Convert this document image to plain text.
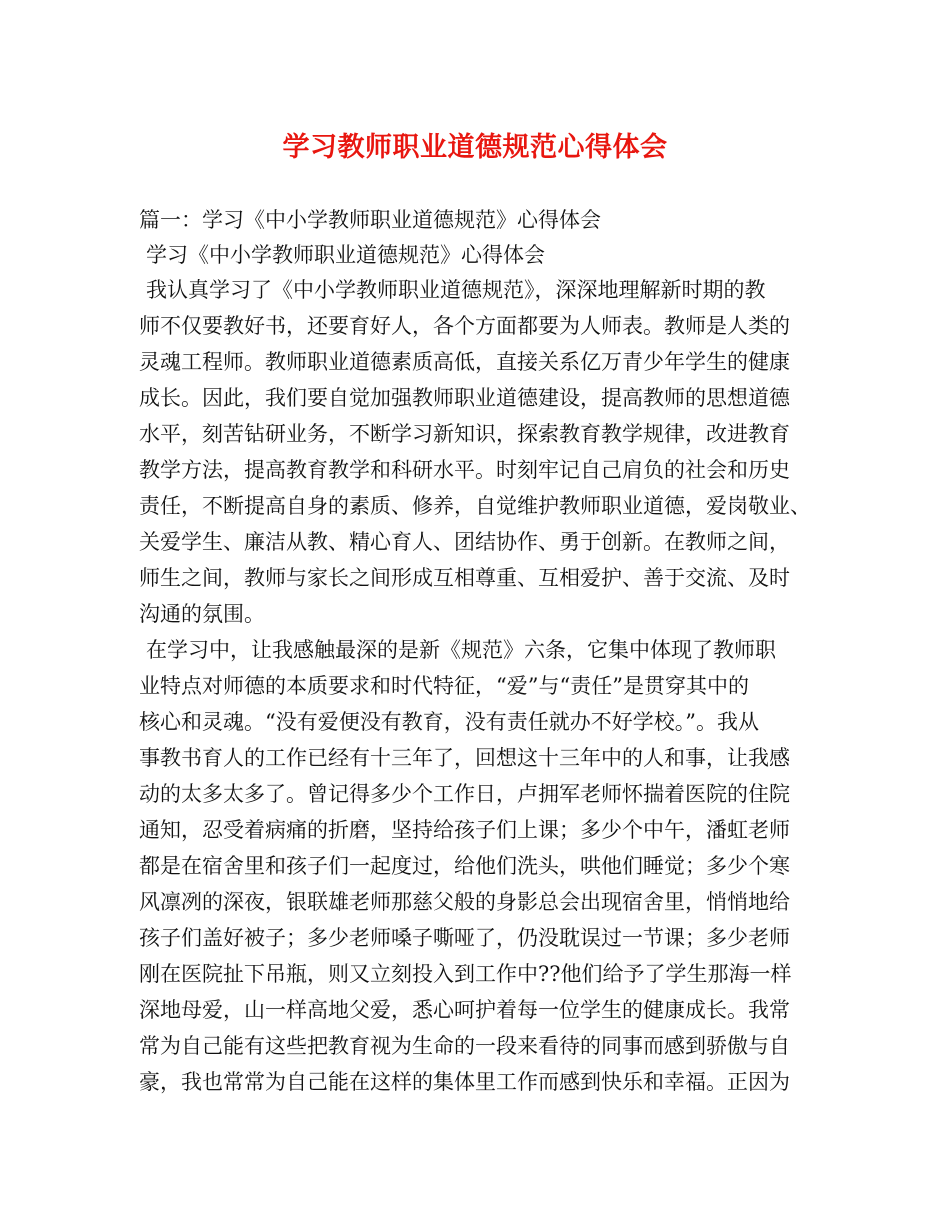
学习教师职业道德规范心得体会
篇一：学习《中小学教师职业道德规范》心得体会
学习《中小学教师职业道德规范》心得体会
我认真学习了《中小学教师职业道德规范》，深深地理解新时期的教
师不仅要教好书，还要育好人，各个方面都要为人师表。教师是人类的
灵魂工程师。教师职业道德素质高低，直接关系亿万青少年学生的健康
成长。因此，我们要自觉加强教师职业道德建设，提高教师的思想道德
水平，刻苦钻研业务，不断学习新知识，探索教育教学规律，改进教育
教学方法，提高教育教学和科研水平。时刻牢记自己肩负的社会和历史
责任，不断提高自身的素质、修养，自觉维护教师职业道德，爱岗敬业、
关爱学生、廉洁从教、精心育人、团结协作、勇于创新。在教师之间，
师生之间，教师与家长之间形成互相尊重、互相爱护、善于交流、及时
沟通的氛围。
在学习中，让我感触最深的是新《规范》六条，它集中体现了教师职
业特点对师德的本质要求和时代特征，“爱”与“责任”是贯穿其中的
核心和灵魂。“没有爱便没有教育，没有责任就办不好学校。”。我从
事教书育人的工作已经有十三年了，回想这十三年中的人和事，让我感
动的太多太多了。曾记得多少个工作日，卢拥军老师怀揣着医院的住院
通知，忍受着病痛的折磨，坚持给孩子们上课；多少个中午，潘虹老师
都是在宿舍里和孩子们一起度过，给他们洗头，哄他们睡觉；多少个寒
风凛冽的深夜，银联雄老师那慈父般的身影总会出现宿舍里，悄悄地给
孩子们盖好被子；多少老师嗓子嘶哑了，仍没耽误过一节课；多少老师
刚在医院扯下吊瓶，则又立刻投入到工作中??他们给予了学生那海一样
深地母爱，山一样高地父爱，悉心呵护着每一位学生的健康成长。我常
常为自己能有这些把教育视为生命的一段来看待的同事而感到骄傲与自
豪，我也常常为自己能在这样的集体里工作而感到快乐和幸福。正因为
